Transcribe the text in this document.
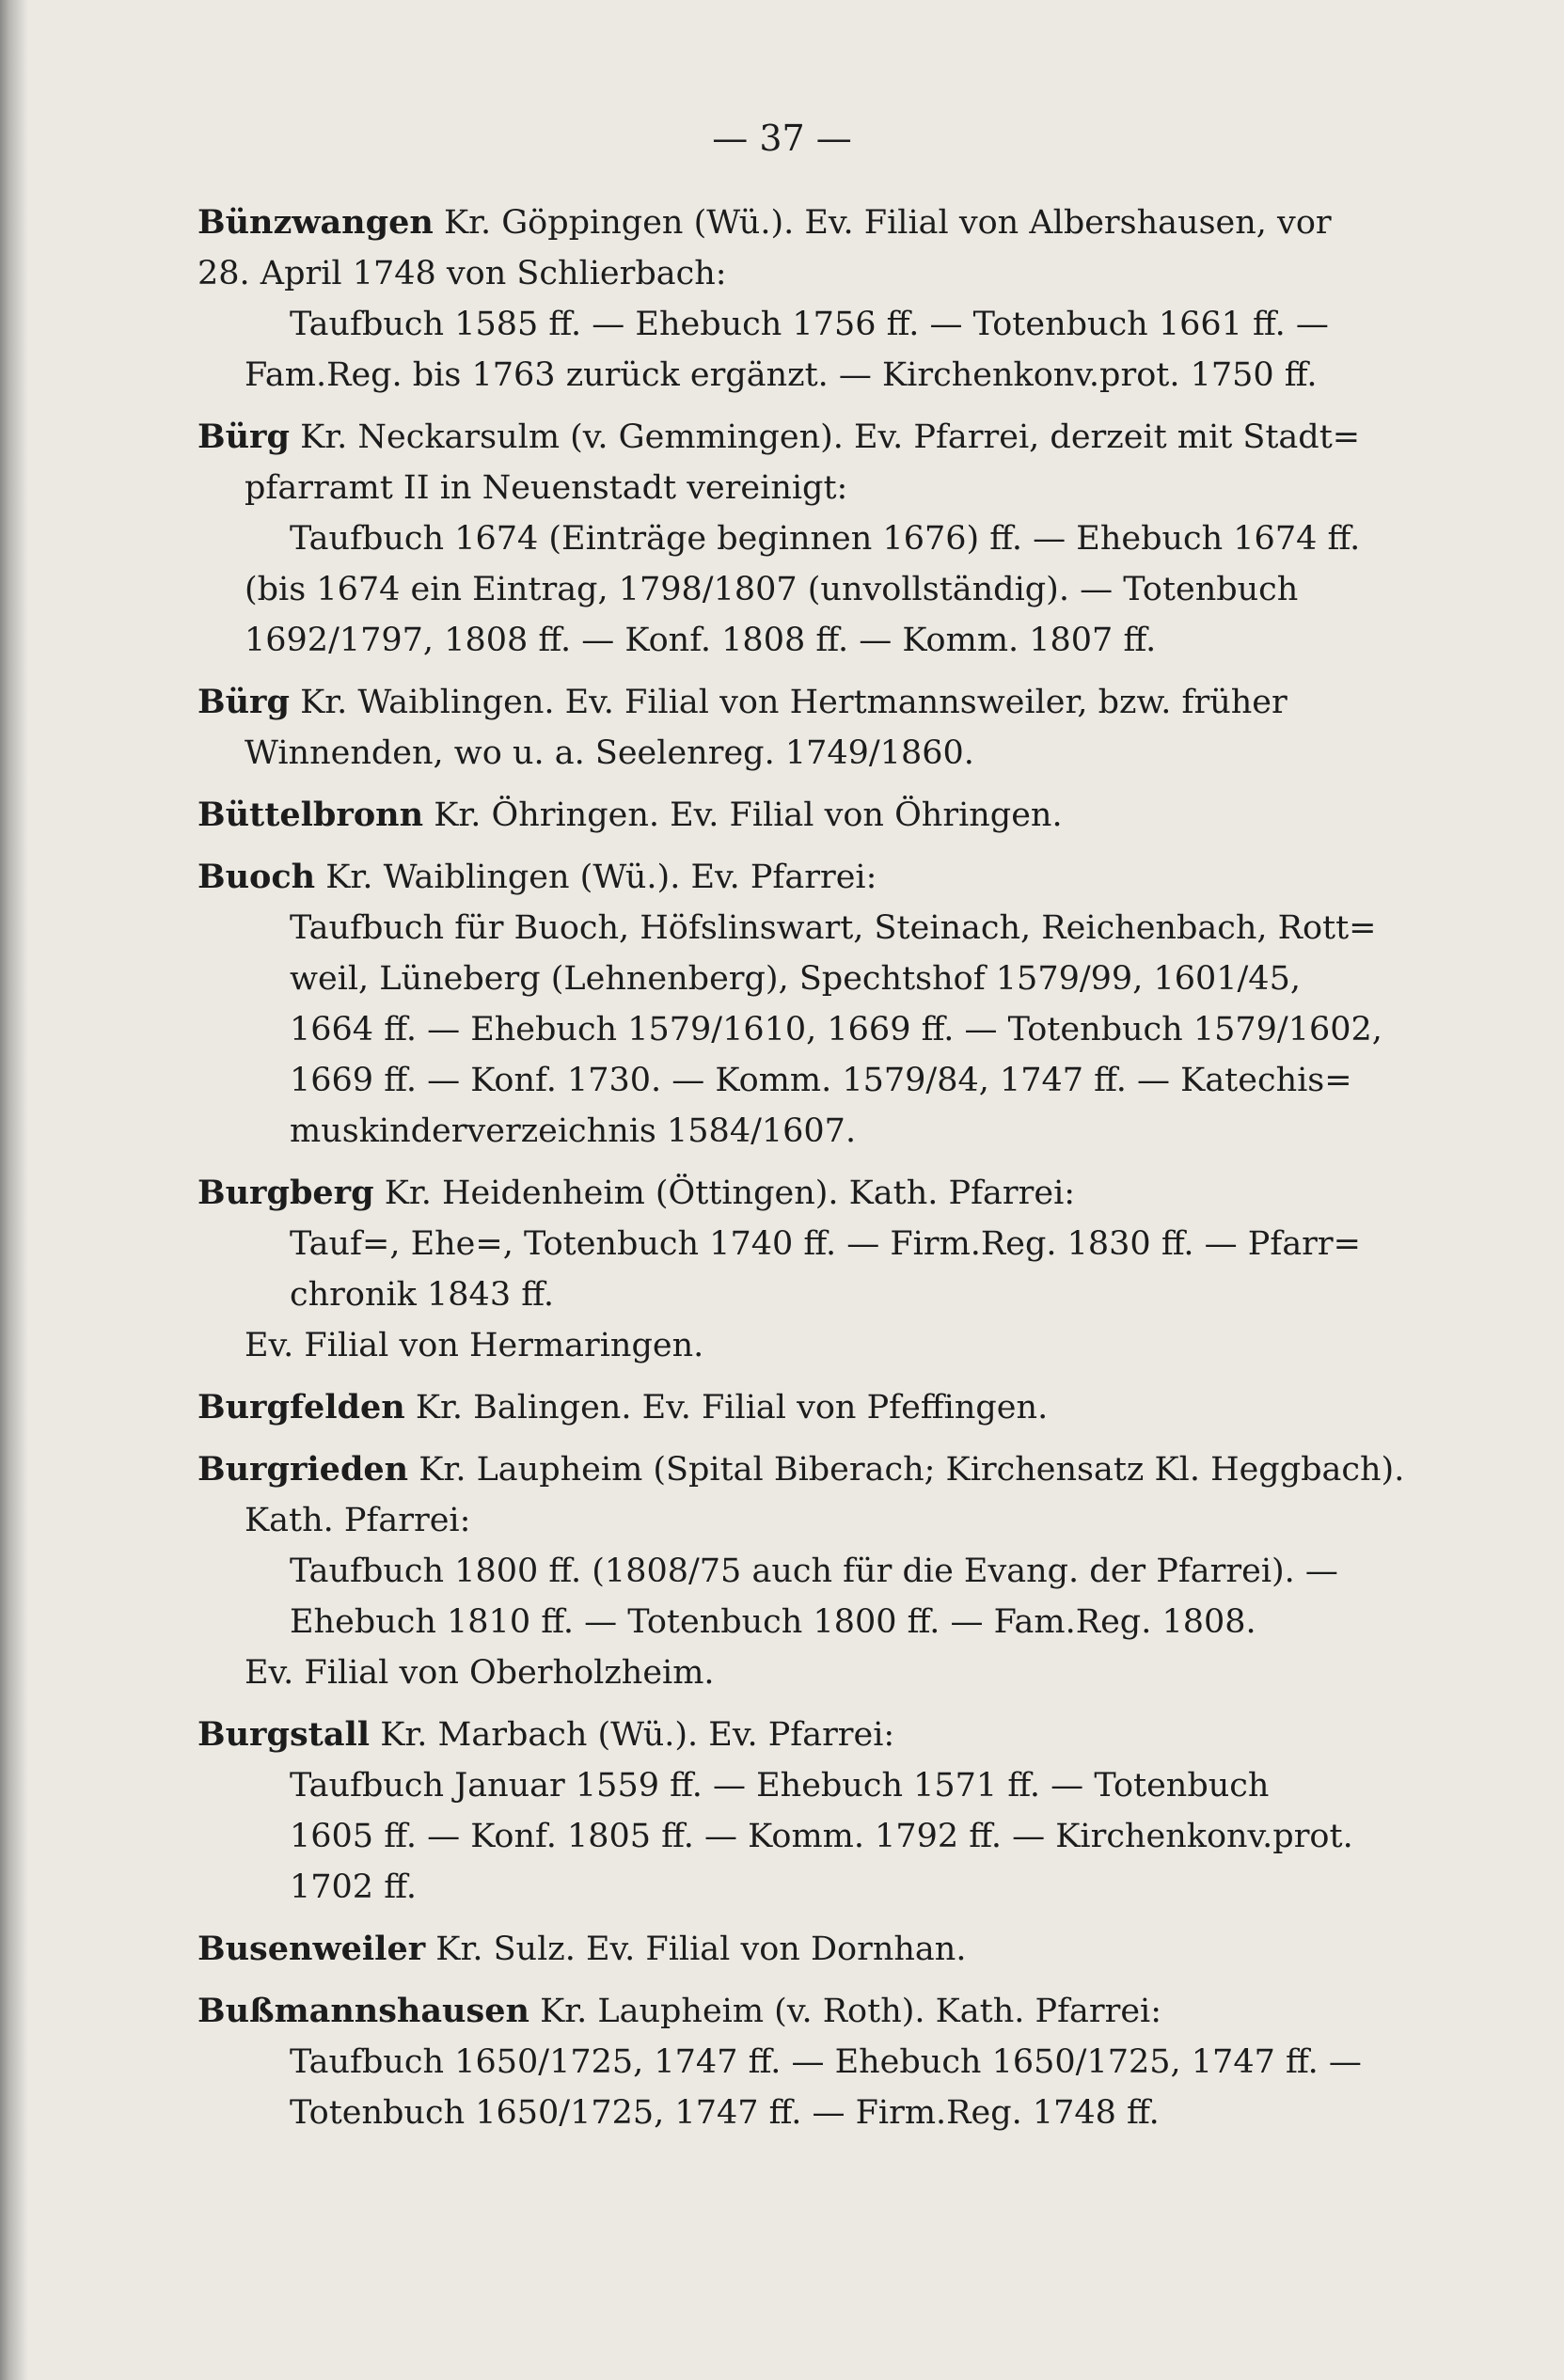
— 37 —
Bünzwangen Kr. Göppingen (Wü.). Ev. Filial von Albershausen, vor
28. April 1748 von Schlierbach:
Taufbuch 1585 ff. — Ehebuch 1756 ff. — Totenbuch 1661 ff. —
Fam.Reg. bis 1763 zurück ergänzt. — Kirchenkonv.prot. 1750 ff.
Bürg Kr. Neckarsulm (v. Gemmingen). Ev. Pfarrei, derzeit mit Stadt=
pfarramt II in Neuenstadt vereinigt:
Taufbuch 1674 (Einträge beginnen 1676) ff. — Ehebuch 1674 ff.
(bis 1674 ein Eintrag, 1798/1807 (unvollständig). — Totenbuch
1692/1797, 1808 ff. — Konf. 1808 ff. — Komm. 1807 ff.
Bürg Kr. Waiblingen. Ev. Filial von Hertmannsweiler, bzw. früher
Winnenden, wo u. a. Seelenreg. 1749/1860.
Büttelbronn Kr. Öhringen. Ev. Filial von Öhringen.
Buoch Kr. Waiblingen (Wü.). Ev. Pfarrei:
Taufbuch für Buoch, Höfslinswart, Steinach, Reichenbach, Rott=
weil, Lüneberg (Lehnenberg), Spechtshof 1579/99, 1601/45,
1664 ff. — Ehebuch 1579/1610, 1669 ff. — Totenbuch 1579/1602,
1669 ff. — Konf. 1730. — Komm. 1579/84, 1747 ff. — Katechis=
muskinderverzeichnis 1584/1607.
Burgberg Kr. Heidenheim (Öttingen). Kath. Pfarrei:
Tauf=, Ehe=, Totenbuch 1740 ff. — Firm.Reg. 1830 ff. — Pfarr=
chronik 1843 ff.
Ev. Filial von Hermaringen.
Burgfelden Kr. Balingen. Ev. Filial von Pfeffingen.
Burgrieden Kr. Laupheim (Spital Biberach; Kirchensatz Kl. Heggbach).
Kath. Pfarrei:
Taufbuch 1800 ff. (1808/75 auch für die Evang. der Pfarrei). —
Ehebuch 1810 ff. — Totenbuch 1800 ff. — Fam.Reg. 1808.
Ev. Filial von Oberholzheim.
Burgstall Kr. Marbach (Wü.). Ev. Pfarrei:
Taufbuch Januar 1559 ff. — Ehebuch 1571 ff. — Totenbuch
1605 ff. — Konf. 1805 ff. — Komm. 1792 ff. — Kirchenkonv.prot.
1702 ff.
Busenweiler Kr. Sulz. Ev. Filial von Dornhan.
Bußmannshausen Kr. Laupheim (v. Roth). Kath. Pfarrei:
Taufbuch 1650/1725, 1747 ff. — Ehebuch 1650/1725, 1747 ff. —
Totenbuch 1650/1725, 1747 ff. — Firm.Reg. 1748 ff.
